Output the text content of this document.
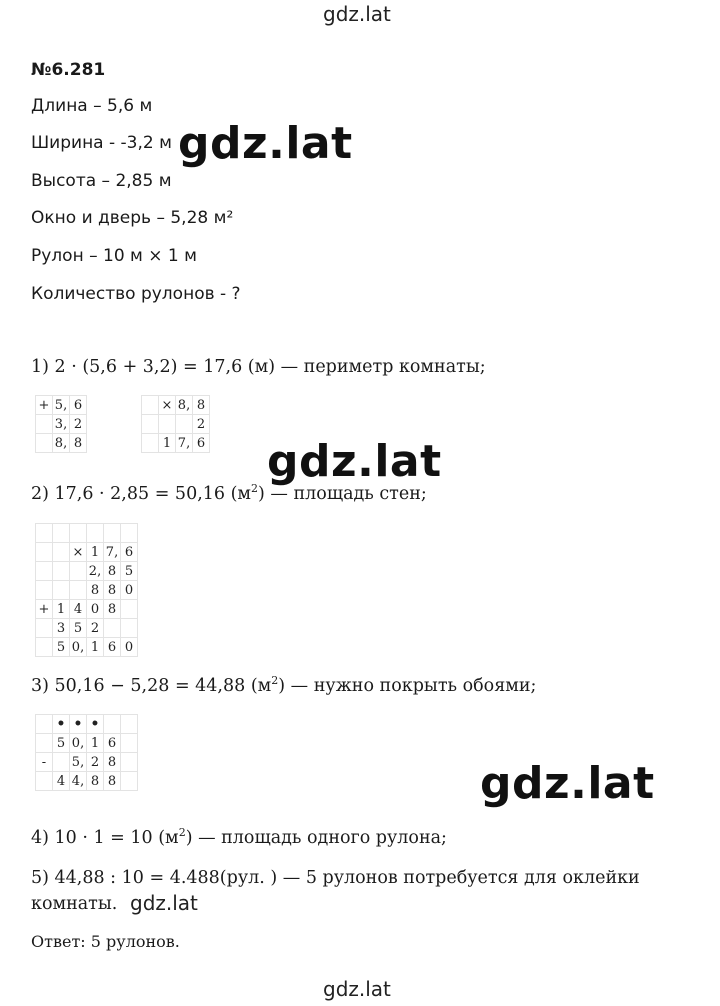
gdz.lat
gdz.lat
gdz.lat
gdz.lat
gdz.lat
№6.281
Длина – 5,6 м
Ширина - -3,2 м
Высота – 2,85 м
Окно и дверь – 5,28 м²
Рулон – 10 м × 1 м
Количество рулонов - ?
1) 2 · (5,6 + 3,2) = 17,6 (м) — периметр комнаты;
+	5,	6
	3,	2
	8,	8
	×	8,	8
			2
	1	7,	6
2) 17,6 · 2,85 = 50,16 $(м^2)$ — площадь стен;

		×	1	7,	6
			2,	8	5
			8	8	0
+	1	4	0	8	
	3	5	2		
	5	0,	1	6	0
3) 50,16 − 5,28 = 44,88 $(м^2)$ — нужно покрыть обоями;
	•	•	•		
	5	0,	1	6	
-		5,	2	8	
	4	4,	8	8	
4) 10 · 1 = 10 $(м^2)$ — площадь одного рулона;
5) 44,88 : 10 = 4.488(рул. ) — 5 рулонов потребуется для оклейки
комнаты. gdz.lat
Ответ: 5 рулонов.
